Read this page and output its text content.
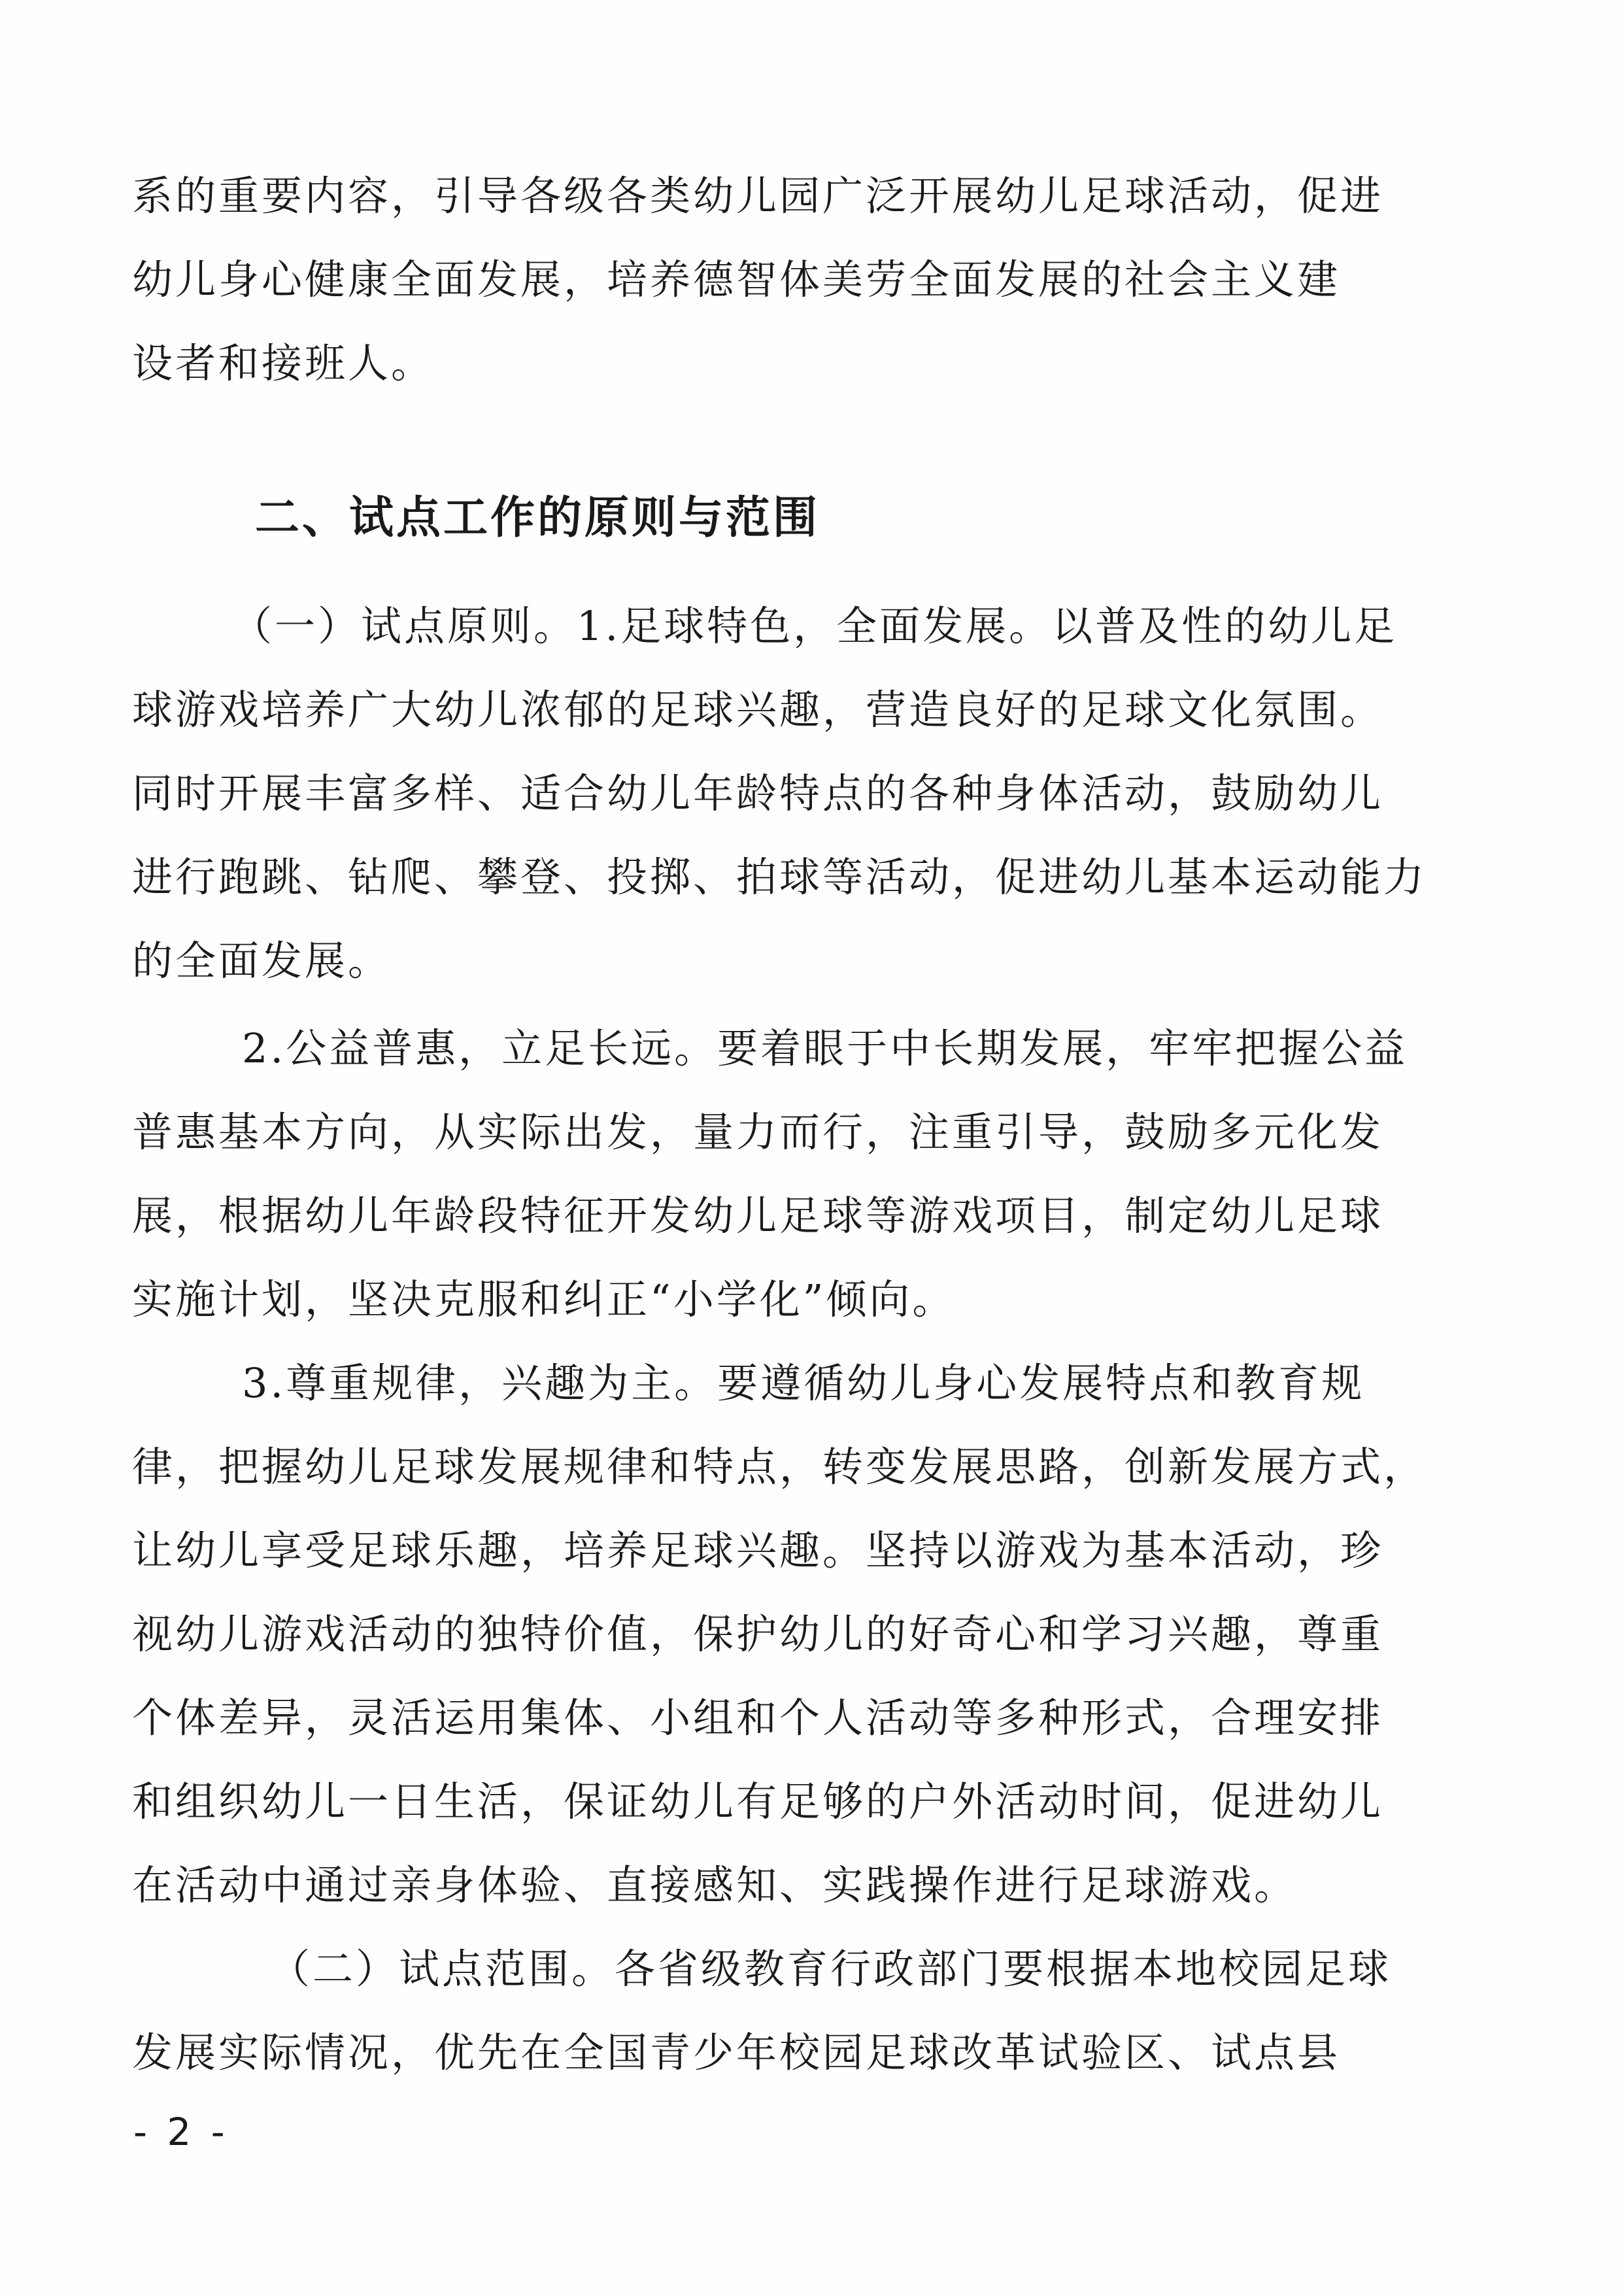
系的重要内容，引导各级各类幼儿园广泛开展幼儿足球活动，促进
幼儿身心健康全面发展，培养德智体美劳全面发展的社会主义建
设者和接班人。
二、试点工作的原则与范围
（一）试点原则。1.足球特色，全面发展。以普及性的幼儿足
球游戏培养广大幼儿浓郁的足球兴趣，营造良好的足球文化氛围。
同时开展丰富多样、适合幼儿年龄特点的各种身体活动，鼓励幼儿
进行跑跳、钻爬、攀登、投掷、拍球等活动，促进幼儿基本运动能力
的全面发展。
2.公益普惠，立足长远。要着眼于中长期发展，牢牢把握公益
普惠基本方向，从实际出发，量力而行，注重引导，鼓励多元化发
展，根据幼儿年龄段特征开发幼儿足球等游戏项目，制定幼儿足球
实施计划，坚决克服和纠正“小学化”倾向。
3.尊重规律，兴趣为主。要遵循幼儿身心发展特点和教育规
律，把握幼儿足球发展规律和特点，转变发展思路，创新发展方式，
让幼儿享受足球乐趣，培养足球兴趣。坚持以游戏为基本活动，珍
视幼儿游戏活动的独特价值，保护幼儿的好奇心和学习兴趣，尊重
个体差异，灵活运用集体、小组和个人活动等多种形式，合理安排
和组织幼儿一日生活，保证幼儿有足够的户外活动时间，促进幼儿
在活动中通过亲身体验、直接感知、实践操作进行足球游戏。
（二）试点范围。各省级教育行政部门要根据本地校园足球
发展实际情况，优先在全国青少年校园足球改革试验区、试点县
- 2 -
